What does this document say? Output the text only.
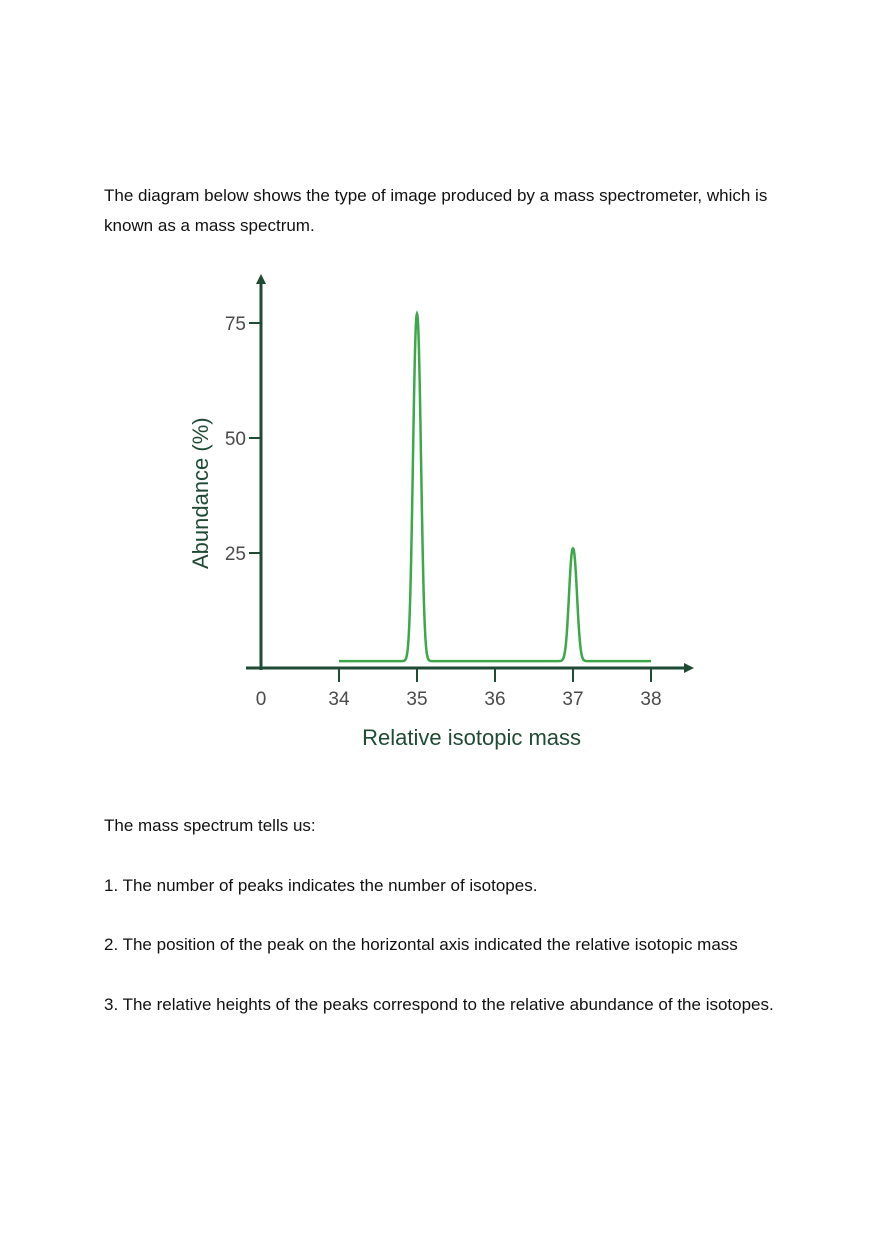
The diagram below shows the type of image produced by a mass spectrometer, which is known as a mass spectrum.

25
50
75
0	34	35	36	37	38
Relative isotopic mass
Abundance (%)

The mass spectrum tells us:

1. The number of peaks indicates the number of isotopes.

2. The position of the peak on the horizontal axis indicated the relative isotopic mass

3. The relative heights of the peaks correspond to the relative abundance of the isotopes.
